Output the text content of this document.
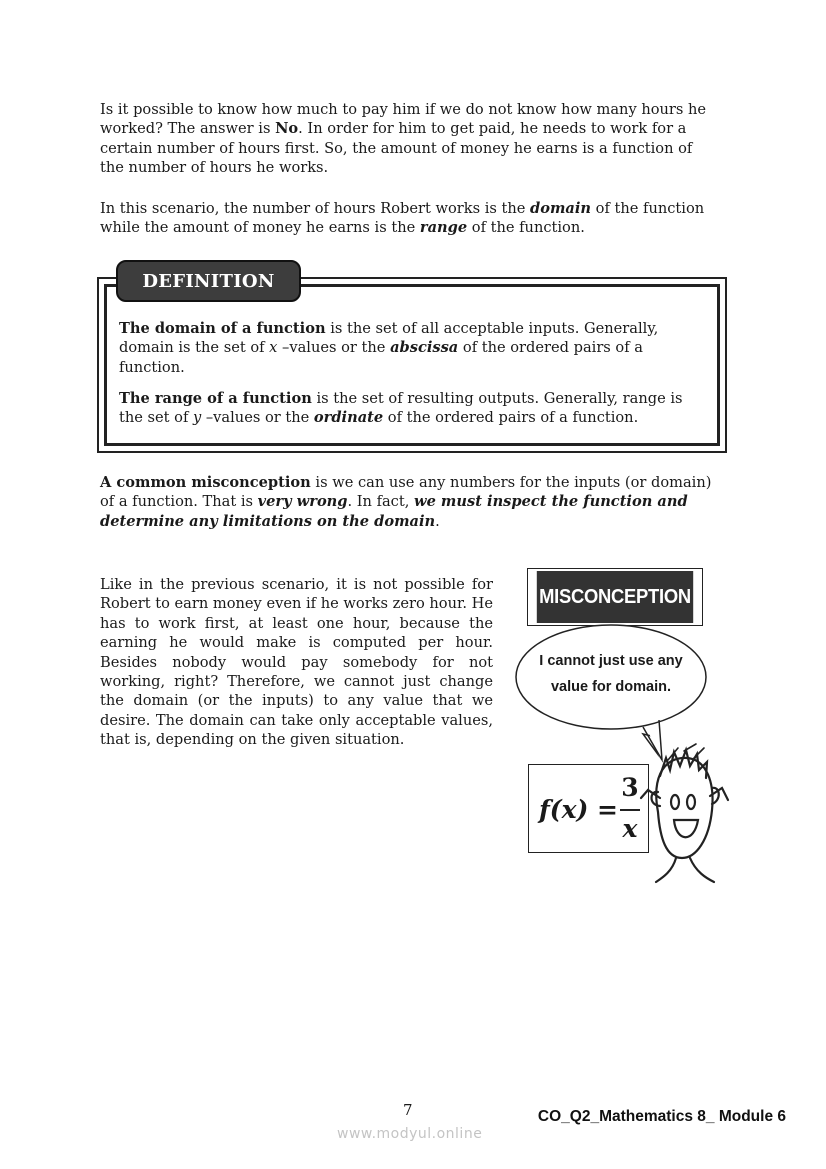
Is it possible to know how much to pay him if we do not know how many hours he worked? The answer is No. In order for him to get paid, he needs to work for a certain number of hours first. So, the amount of money he earns is a function of the number of hours he works.

In this scenario, the number of hours Robert works is the domain of the function while the amount of money he earns is the range of the function.

DEFINITION

The domain of a function is the set of all acceptable inputs. Generally, domain is the set of x –values or the abscissa of the ordered pairs of a function.

The range of a function is the set of resulting outputs. Generally, range is the set of y –values or the ordinate of the ordered pairs of a function.

A common misconception is we can use any numbers for the inputs (or domain) of a function. That is very wrong. In fact, we must inspect the function and determine any limitations on the domain.

Like in the previous scenario, it is not possible for Robert to earn money even if he works zero hour. He has to work first, at least one hour, because the earning he would make is computed per hour. Besides nobody would pay somebody for not working, right? Therefore, we cannot just change the domain (or the inputs) to any value that we desire. The domain can take only acceptable values, that is, depending on the given situation.

MISCONCEPTION
I cannot just use any
value for domain.
f(x) =
3
x
7	CO_Q2_Mathematics 8_ Module 6
www.modyul.online
